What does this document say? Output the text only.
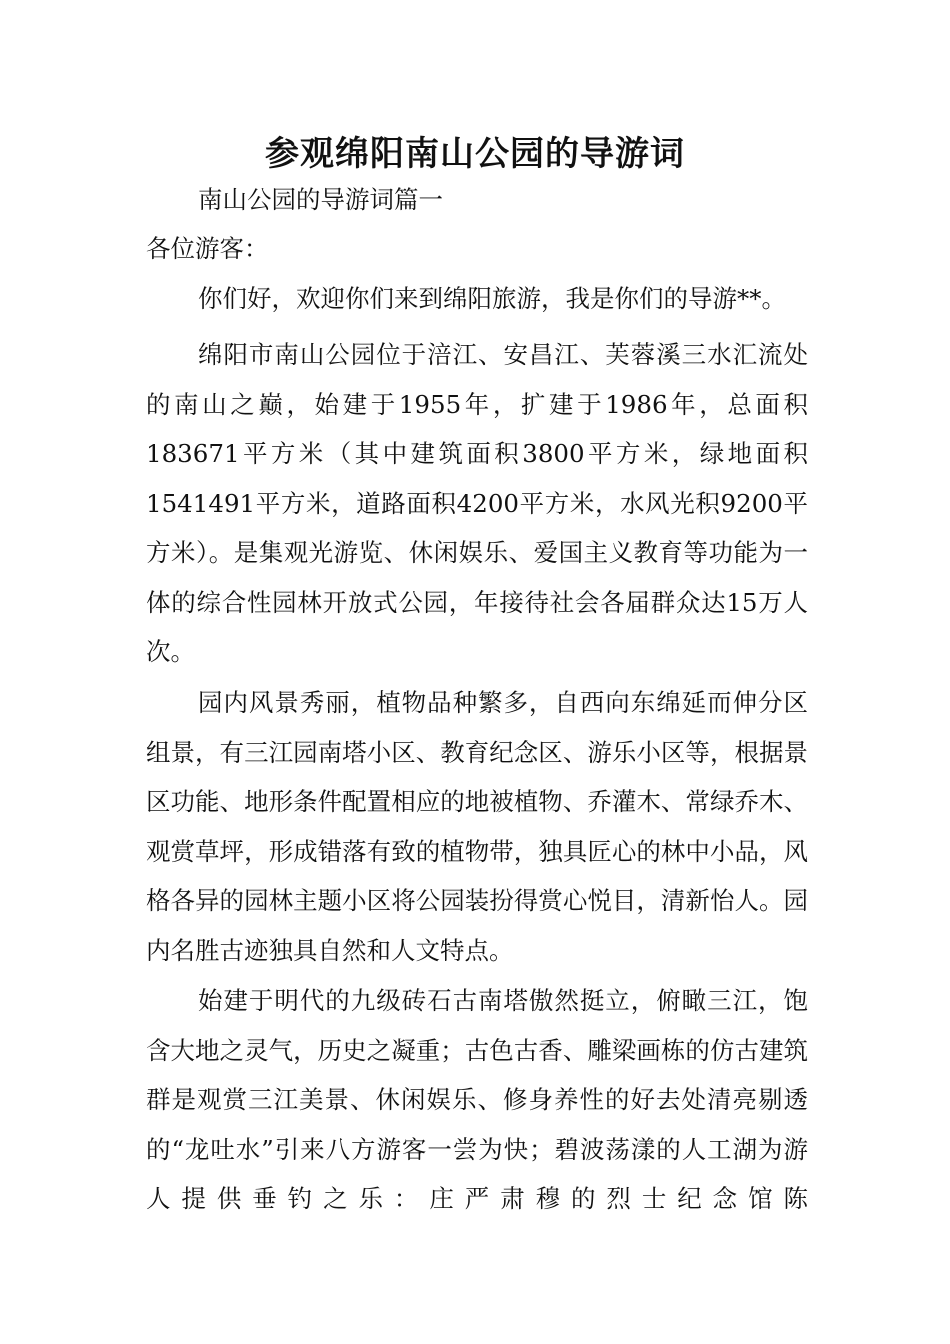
参观绵阳南山公园的导游词
南山公园的导游词篇一
各位游客：
你们好，欢迎你们来到绵阳旅游，我是你们的导游**。
绵阳市南山公园位于涪江、安昌江、芙蓉溪三水汇流处的南山之巅，始建于1955年，扩建于1986年，总面积183671平方米（其中建筑面积3800平方米，绿地面积1541491平方米，道路面积4200平方米，水风光积9200平方米）。是集观光游览、休闲娱乐、爱国主义教育等功能为一体的综合性园林开放式公园，年接待社会各届群众达15万人次。
园内风景秀丽，植物品种繁多，自西向东绵延而伸分区组景，有三江园南塔小区、教育纪念区、游乐小区等，根据景区功能、地形条件配置相应的地被植物、乔灌木、常绿乔木、观赏草坪，形成错落有致的植物带，独具匠心的林中小品，风格各异的园林主题小区将公园装扮得赏心悦目，清新怡人。园内名胜古迹独具自然和人文特点。
始建于明代的九级砖石古南塔傲然挺立，俯瞰三江，饱含大地之灵气，历史之凝重；古色古香、雕梁画栋的仿古建筑群是观赏三江美景、休闲娱乐、修身养性的好去处清亮剔透的“龙吐水”引来八方游客一尝为快；碧波荡漾的人工湖为游人提供垂钓之乐：庄严肃穆的烈士纪念馆陈
